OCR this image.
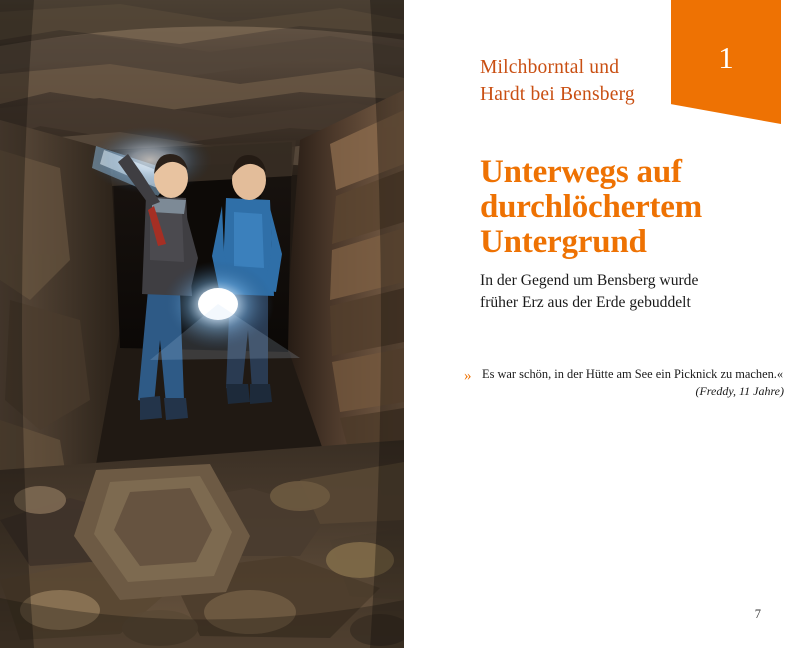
1
Milchborntal und
Hardt bei Bensberg
Unterwegs auf
durchlöchertem
Untergrund
In der Gegend um Bensberg wurde
früher Erz aus der Erde gebuddelt
» Es war schön, in der Hütte am See ein Picknick zu machen.«

(Freddy, 11 Jahre)

7
